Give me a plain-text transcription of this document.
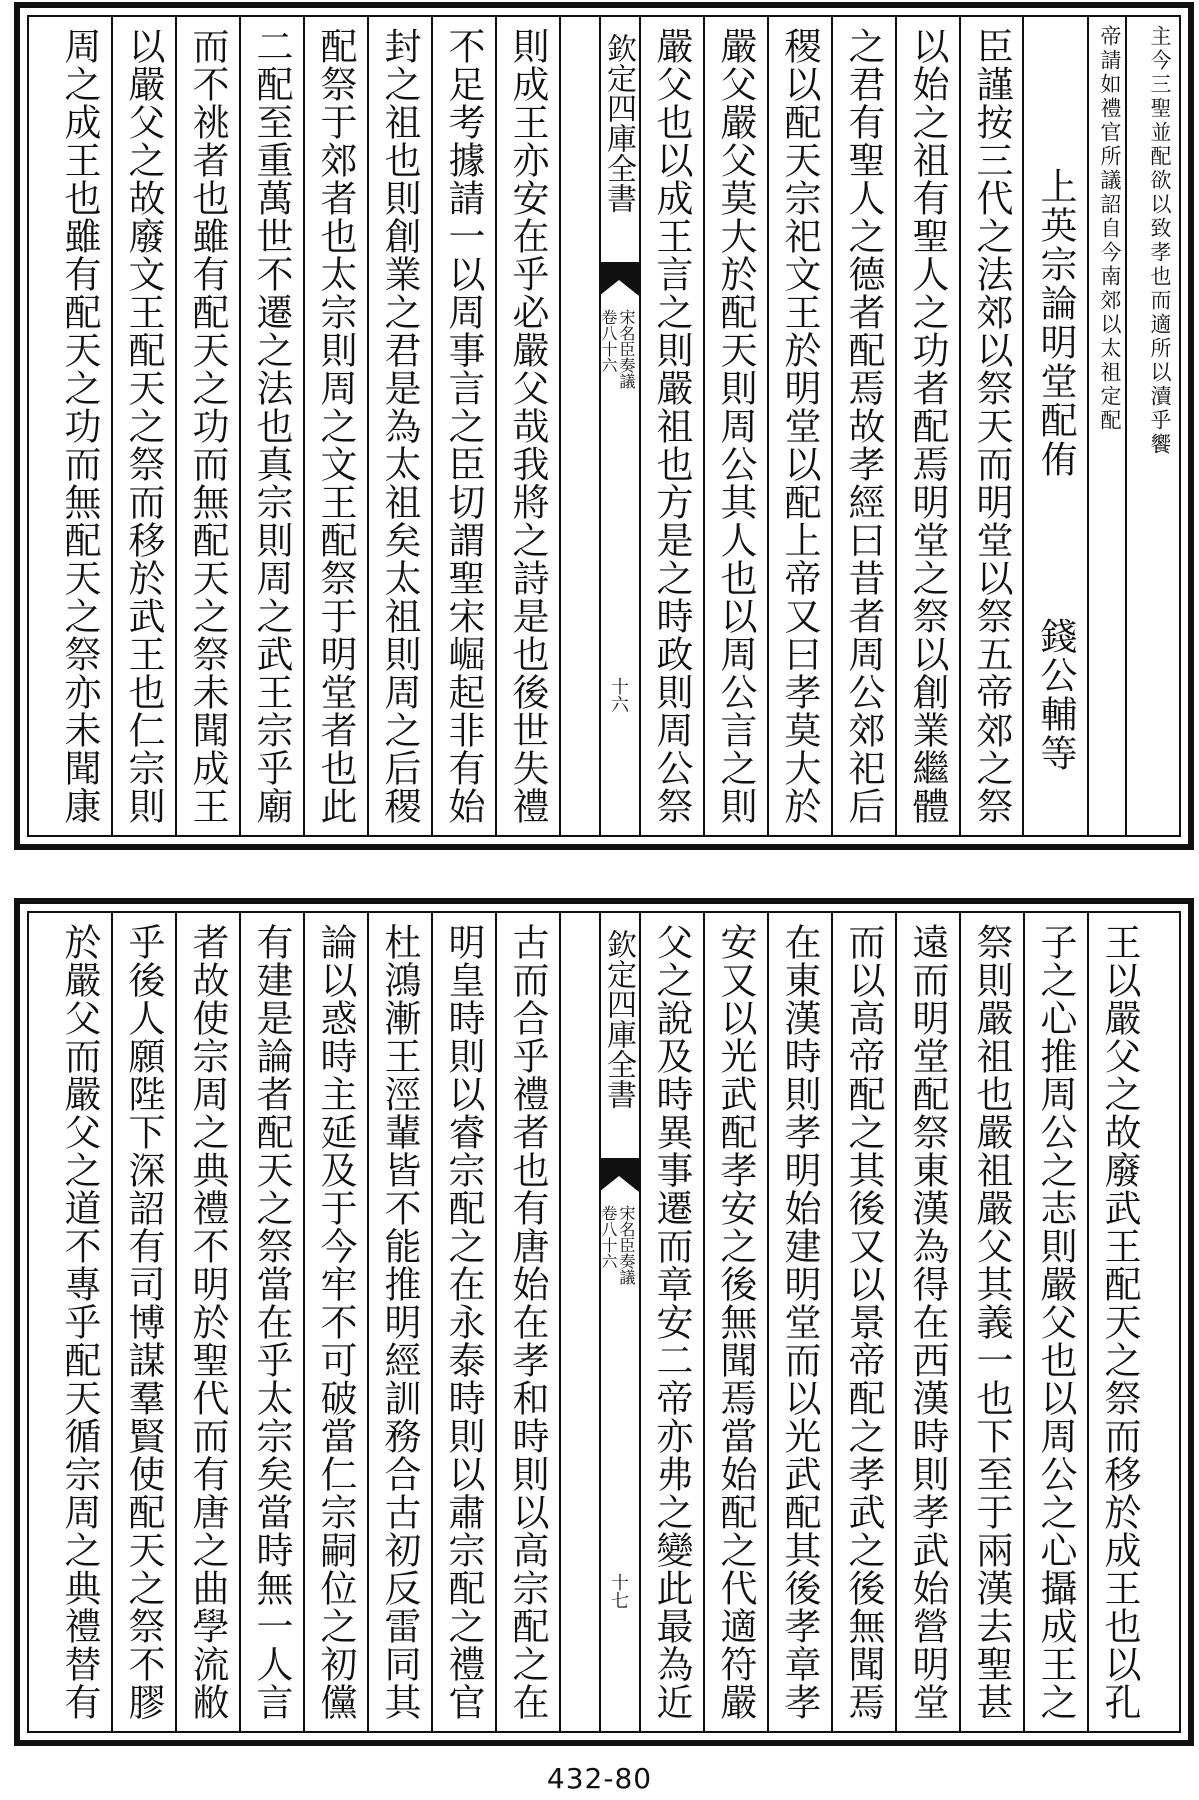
主今三聖並配欲以致孝也而適所以瀆乎饗
帝請如禮官所議詔自今南郊以太祖定配
上英宗論明堂配侑
錢公輔等
臣謹按三代之法郊以祭天而明堂以祭五帝郊之祭
以始之祖有聖人之功者配焉明堂之祭以創業繼體
之君有聖人之德者配焉故孝經曰昔者周公郊祀后
稷以配天宗祀文王於明堂以配上帝又曰孝莫大於
嚴父嚴父莫大於配天則周公其人也以周公言之則
嚴父也以成王言之則嚴祖也方是之時政則周公祭
欽定四庫全書
宋名臣奏議
卷八十六
十六
則成王亦安在乎必嚴父哉我將之詩是也後世失禮
不足考據請一以周事言之臣切謂聖宋崛起非有始
封之祖也則創業之君是為太祖矣太祖則周之后稷
配祭于郊者也太宗則周之文王配祭于明堂者也此
二配至重萬世不遷之法也真宗則周之武王宗乎廟
而不祧者也雖有配天之功而無配天之祭未聞成王
以嚴父之故廢文王配天之祭而移於武王也仁宗則
周之成王也雖有配天之功而無配天之祭亦未聞康
王以嚴父之故廢武王配天之祭而移於成王也以孔
子之心推周公之志則嚴父也以周公之心攝成王之
祭則嚴祖也嚴祖嚴父其義一也下至于兩漢去聖甚
遠而明堂配祭東漢為得在西漢時則孝武始營明堂
而以高帝配之其後又以景帝配之孝武之後無聞焉
在東漢時則孝明始建明堂而以光武配其後孝章孝
安又以光武配孝安之後無聞焉當始配之代適符嚴
父之說及時異事遷而章安二帝亦弗之變此最為近
欽定四庫全書
宋名臣奏議
卷八十六
十七
古而合乎禮者也有唐始在孝和時則以高宗配之在
明皇時則以睿宗配之在永泰時則以肅宗配之禮官
杜鴻漸王涇輩皆不能推明經訓務合古初反雷同其
論以惑時主延及于今牢不可破當仁宗嗣位之初儻
有建是論者配天之祭當在乎太宗矣當時無一人言
者故使宗周之典禮不明於聖代而有唐之曲學流敝
乎後人願陛下深詔有司博謀羣賢使配天之祭不膠
於嚴父而嚴父之道不專乎配天循宗周之典禮替有
432-80
